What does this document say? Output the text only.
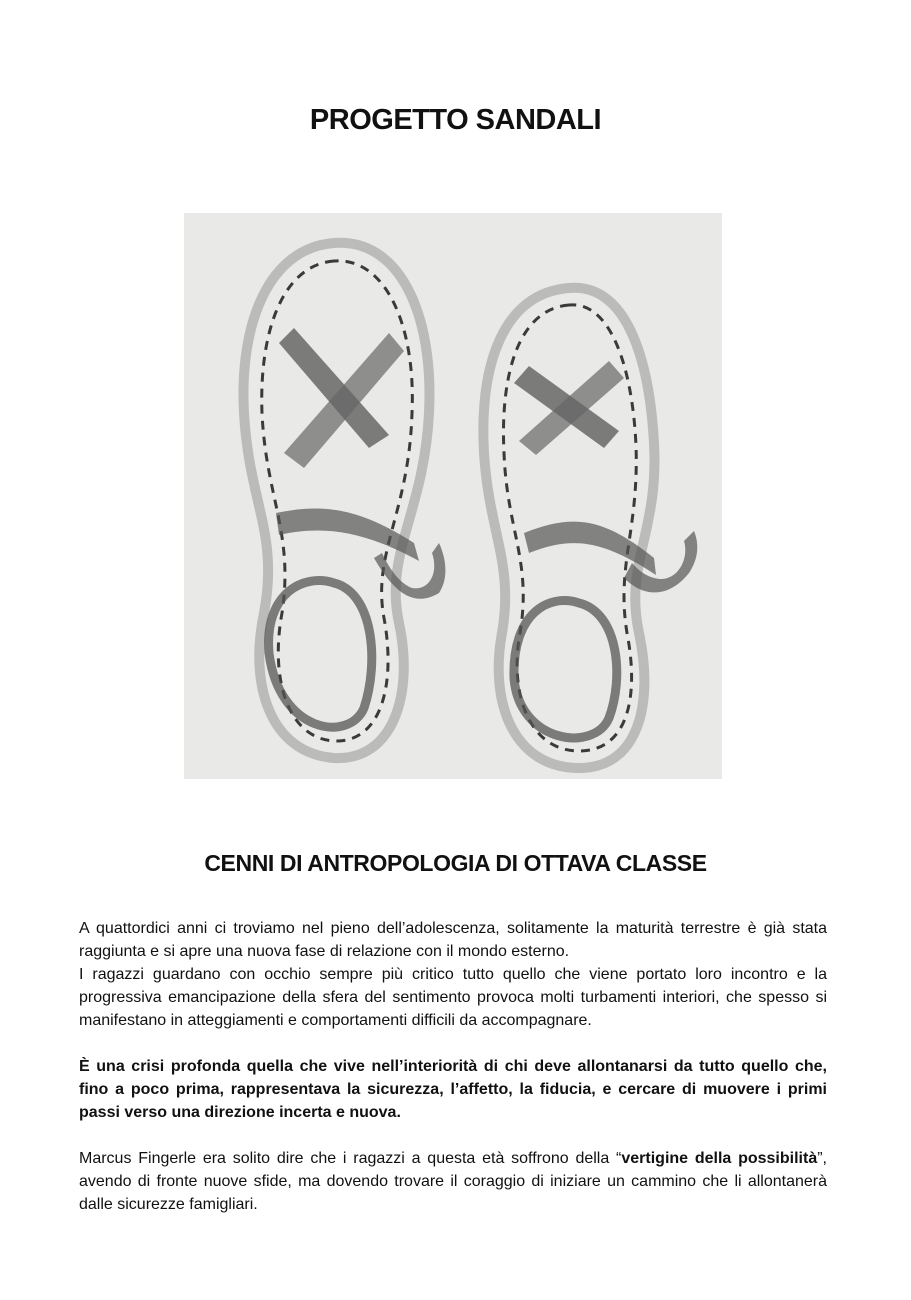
PROGETTO SANDALI
CENNI DI ANTROPOLOGIA DI OTTAVA CLASSE

A quattordici anni ci troviamo nel pieno dell’adolescenza, solitamente la maturità terrestre è già stata raggiunta e si apre una nuova fase di relazione con il mondo esterno.

I ragazzi guardano con occhio sempre più critico tutto quello che viene portato loro incontro e la progressiva emancipazione della sfera del sentimento provoca molti turbamenti interiori, che spesso si manifestano in atteggiamenti e comportamenti difficili da accompagnare.

È una crisi profonda quella che vive nell’interiorità di chi deve allontanarsi da tutto quello che, fino a poco prima, rappresentava la sicurezza, l’affetto, la fiducia, e cercare di muovere i primi passi verso una direzione incerta e nuova.

Marcus Fingerle era solito dire che i ragazzi a questa età soffrono della “vertigine della possibilità”, avendo di fronte nuove sfide, ma dovendo trovare il coraggio di iniziare un cammino che li allontanerà dalle sicurezze famigliari.
